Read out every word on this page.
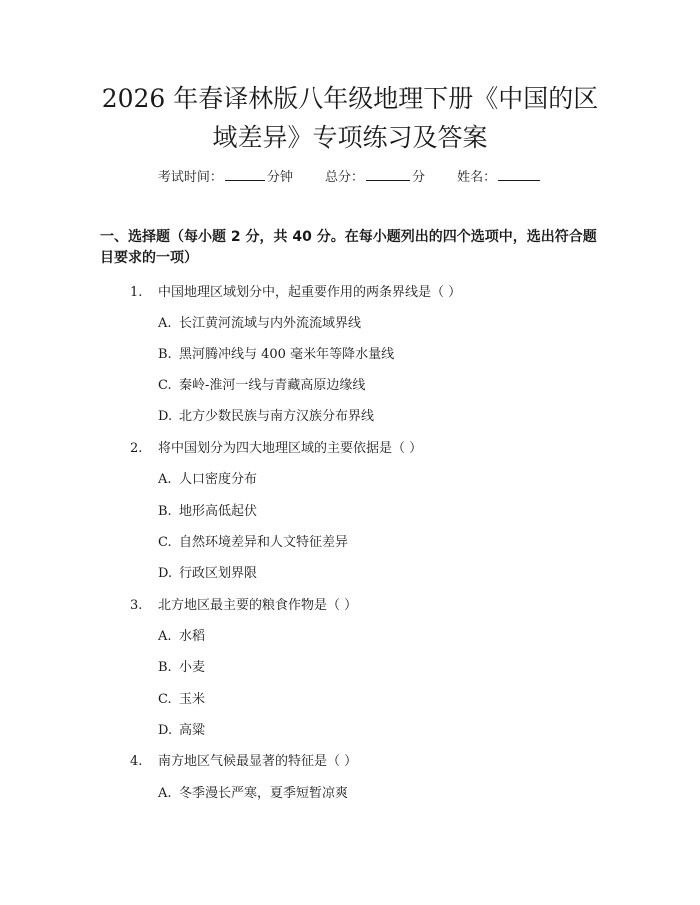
2026 年春译林版八年级地理下册《中国的区
域差异》专项练习及答案
考试时间：	分钟 总分：	分 姓名：
一、选择题（每小题 2 分，共 40 分。在每小题列出的四个选项中，选出符合题目要求的一项）
1. 中国地理区域划分中，起重要作用的两条界线是（ ）
A. 长江黄河流域与内外流流域界线
B. 黑河腾冲线与 400 毫米年等降水量线
C. 秦岭-淮河一线与青藏高原边缘线
D. 北方少数民族与南方汉族分布界线
2. 将中国划分为四大地理区域的主要依据是（ ）
A. 人口密度分布
B. 地形高低起伏
C. 自然环境差异和人文特征差异
D. 行政区划界限
3. 北方地区最主要的粮食作物是（ ）
A. 水稻
B. 小麦
C. 玉米
D. 高粱
4. 南方地区气候最显著的特征是（ ）
A. 冬季漫长严寒，夏季短暂凉爽
